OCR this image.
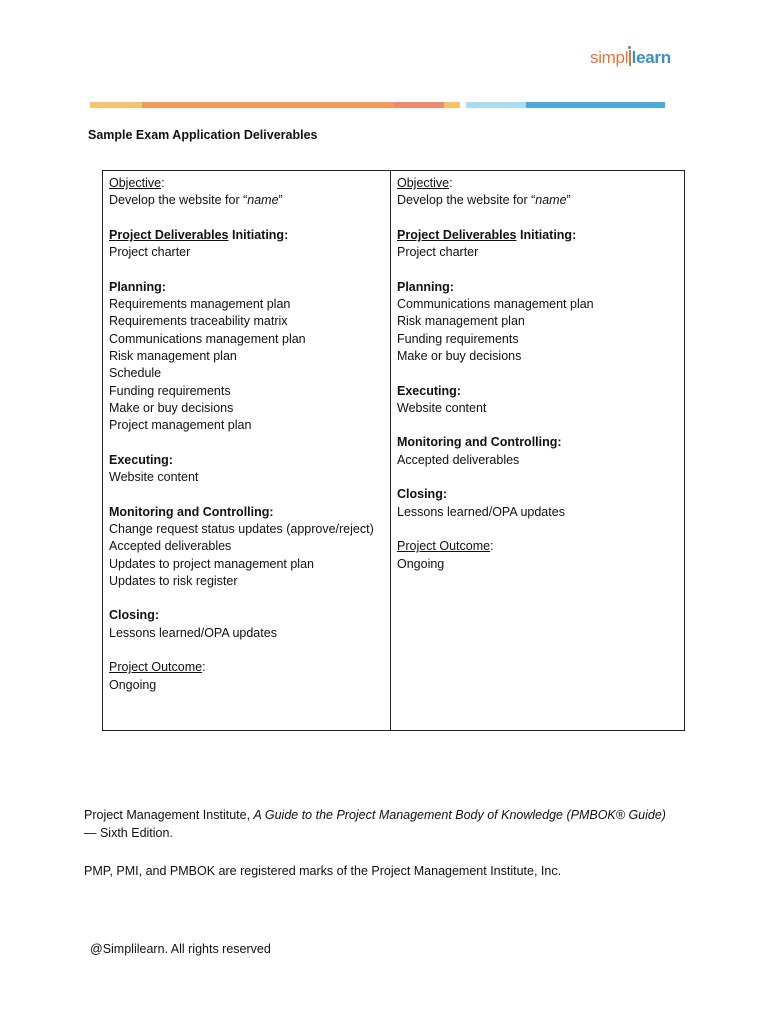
simpl learn
Sample Exam Application Deliverables
Objective:
Develop the website for “name”
Project Deliverables Initiating:
Project charter
Planning:
Requirements management plan
Requirements traceability matrix
Communications management plan
Risk management plan
Schedule
Funding requirements
Make or buy decisions
Project management plan
Executing:
Website content
Monitoring and Controlling:
Change request status updates (approve/reject)
Accepted deliverables
Updates to project management plan
Updates to risk register
Closing:
Lessons learned/OPA updates
Project Outcome:
Ongoing
Objective:
Develop the website for “name”
Project Deliverables Initiating:
Project charter
Planning:
Communications management plan
Risk management plan
Funding requirements
Make or buy decisions
Executing:
Website content
Monitoring and Controlling:
Accepted deliverables
Closing:
Lessons learned/OPA updates
Project Outcome:
Ongoing
Project Management Institute, A Guide to the Project Management Body of Knowledge (PMBOK® Guide)
— Sixth Edition.
PMP, PMI, and PMBOK are registered marks of the Project Management Institute, Inc.
@Simplilearn. All rights reserved
